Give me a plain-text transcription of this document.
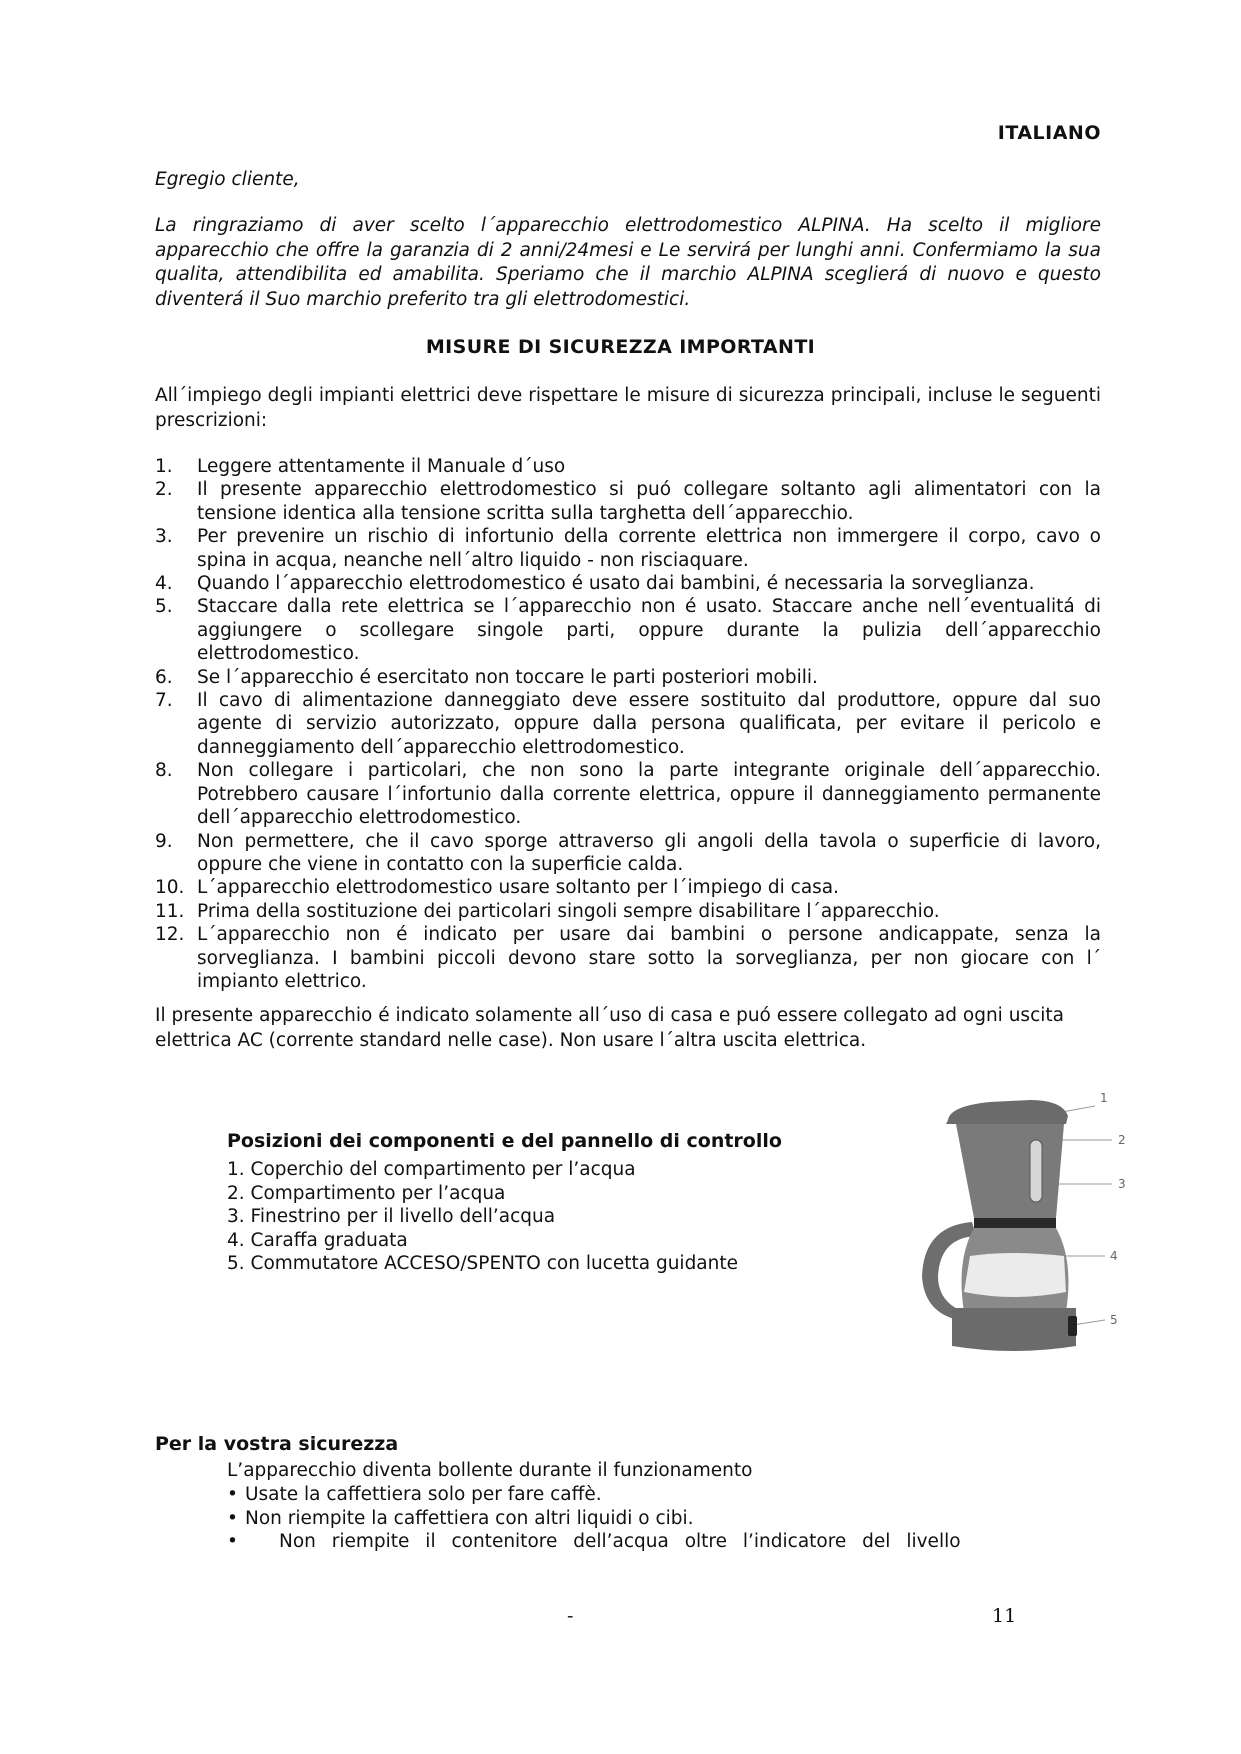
ITALIANO
Egregio cliente,
La ringraziamo di aver scelto l´apparecchio elettrodomestico ALPINA. Ha scelto il migliore apparecchio che offre la garanzia di 2 anni/24mesi e Le servirá per lunghi anni. Confermiamo la sua qualita, attendibilita ed amabilita. Speriamo che il marchio ALPINA sceglierá di nuovo e questo diventerá il Suo marchio preferito tra gli elettrodomestici.
MISURE DI SICUREZZA IMPORTANTI
All´impiego degli impianti elettrici deve rispettare le misure di sicurezza principali, incluse le seguenti prescrizioni:
1. Leggere attentamente il Manuale d´uso
2. Il presente apparecchio elettrodomestico si puó collegare soltanto agli alimentatori con la tensione identica alla tensione scritta sulla targhetta dell´apparecchio.
3. Per prevenire un rischio di infortunio della corrente elettrica non immergere il corpo, cavo o spina in acqua, neanche nell´altro liquido - non risciaquare.
4. Quando l´apparecchio elettrodomestico é usato dai bambini, é necessaria la sorveglianza.
5. Staccare dalla rete elettrica se l´apparecchio non é usato. Staccare anche nell´eventualitá di aggiungere o scollegare singole parti, oppure durante la pulizia dell´apparecchio elettrodomestico.
6. Se l´apparecchio é esercitato non toccare le parti posteriori mobili.
7. Il cavo di alimentazione danneggiato deve essere sostituito dal produttore, oppure dal suo agente di servizio autorizzato, oppure dalla persona qualificata, per evitare il pericolo e danneggiamento dell´apparecchio elettrodomestico.
8. Non collegare i particolari, che non sono la parte integrante originale dell´apparecchio. Potrebbero causare l´infortunio dalla corrente elettrica, oppure il danneggiamento permanente dell´apparecchio elettrodomestico.
9. Non permettere, che il cavo sporge attraverso gli angoli della tavola o superficie di lavoro, oppure che viene in contatto con la superficie calda.
10. L´apparecchio elettrodomestico usare soltanto per l´impiego di casa.
11. Prima della sostituzione dei particolari singoli sempre disabilitare l´apparecchio.
12. L´apparecchio non é indicato per usare dai bambini o persone andicappate, senza la sorveglianza. I bambini piccoli devono stare sotto la sorveglianza, per non giocare con l´ impianto elettrico.
Il presente apparecchio é indicato solamente all´uso di casa e puó essere collegato ad ogni uscita elettrica AC (corrente standard nelle case). Non usare l´altra uscita elettrica.
Posizioni dei componenti e del pannello di controllo
1. Coperchio del compartimento per l’acqua
2. Compartimento per l’acqua
3. Finestrino per il livello dell’acqua
4. Caraffa graduata
5. Commutatore ACCESO/SPENTO con lucetta guidante
1
2
3
4
5
Per la vostra sicurezza
L’apparecchio diventa bollente durante il funzionamento
• Usate la caffettiera solo per fare caffè.
• Non riempite la caffettiera con altri liquidi o cibi.
• Non riempite il contenitore dell’acqua oltre l’indicatore del livello
-	11
